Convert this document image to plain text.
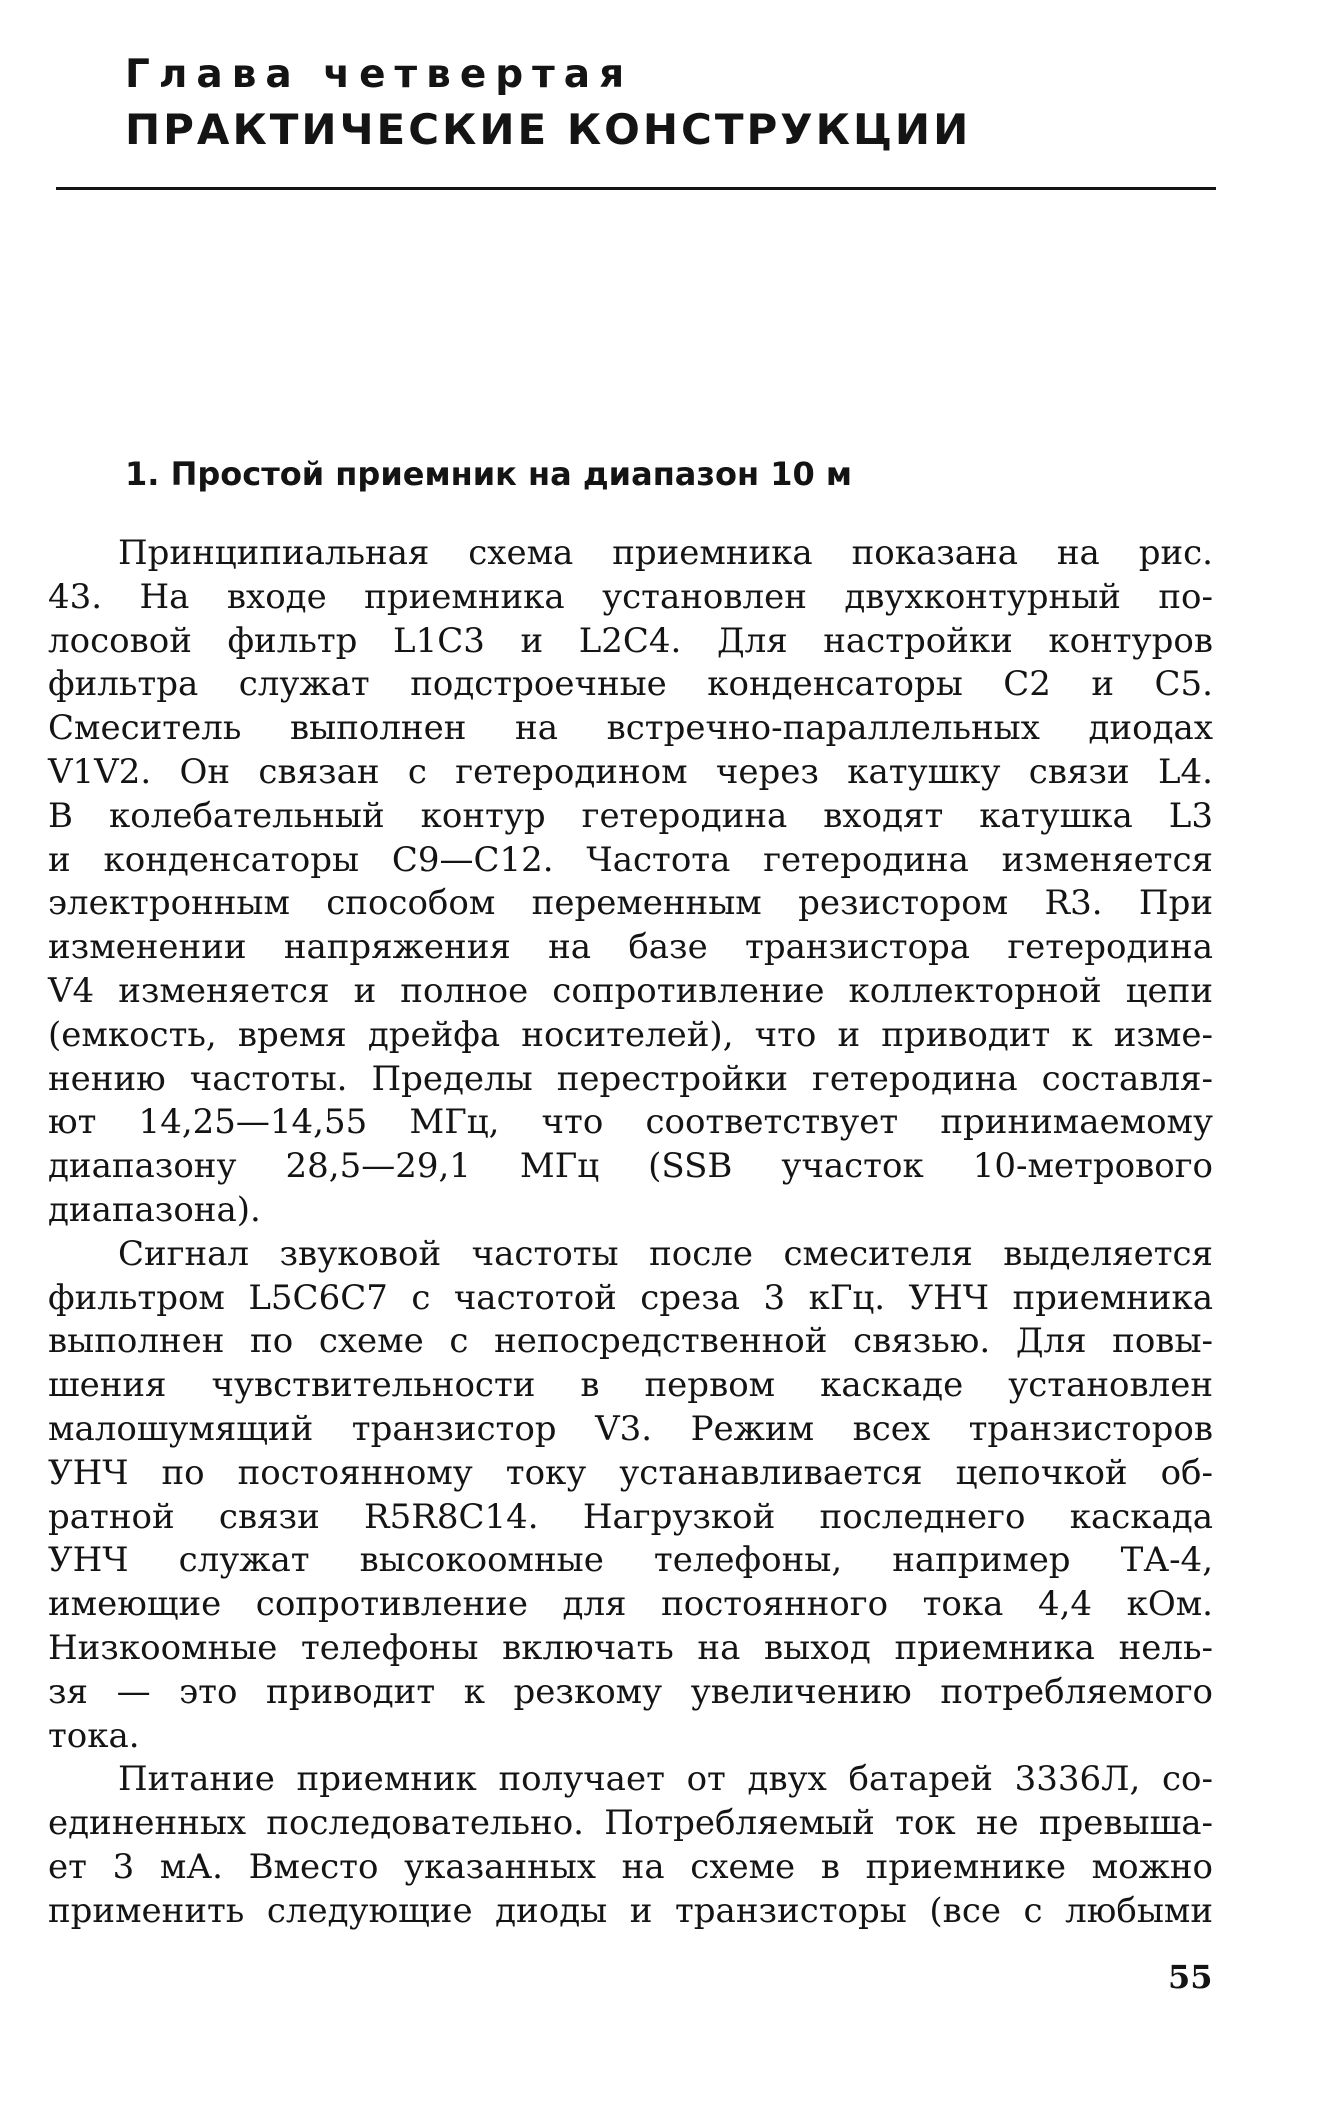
Глава четвертая
ПРАКТИЧЕСКИЕ КОНСТРУКЦИИ
1. Простой приемник на диапазон 10 м
Принципиальная схема приемника показана на рис.
43. На входе приемника установлен двухконтурный по-
лосовой фильтр L1C3 и L2C4. Для настройки контуров
фильтра служат подстроечные конденсаторы C2 и C5.
Смеситель выполнен на встречно-параллельных диодах
V1V2. Он связан с гетеродином через катушку связи L4.
В колебательный контур гетеродина входят катушка L3
и конденсаторы C9—C12. Частота гетеродина изменяется
электронным способом переменным резистором R3. При
изменении напряжения на базе транзистора гетеродина
V4 изменяется и полное сопротивление коллекторной цепи
(емкость, время дрейфа носителей), что и приводит к изме-
нению частоты. Пределы перестройки гетеродина составля-
ют 14,25—14,55 МГц, что соответствует принимаемому
диапазону 28,5—29,1 МГц (SSB участок 10-метрового
диапазона).
Сигнал звуковой частоты после смесителя выделяется
фильтром L5C6C7 с частотой среза 3 кГц. УНЧ приемника
выполнен по схеме с непосредственной связью. Для повы-
шения чувствительности в первом каскаде установлен
малошумящий транзистор V3. Режим всех транзисторов
УНЧ по постоянному току устанавливается цепочкой об-
ратной связи R5R8C14. Нагрузкой последнего каскада
УНЧ служат высокоомные телефоны, например ТА-4,
имеющие сопротивление для постоянного тока 4,4 кОм.
Низкоомные телефоны включать на выход приемника нель-
зя — это приводит к резкому увеличению потребляемого
тока.
Питание приемник получает от двух батарей 3336Л, со-
единенных последовательно. Потребляемый ток не превыша-
ет 3 мА. Вместо указанных на схеме в приемнике можно
применить следующие диоды и транзисторы (все с любыми
55
